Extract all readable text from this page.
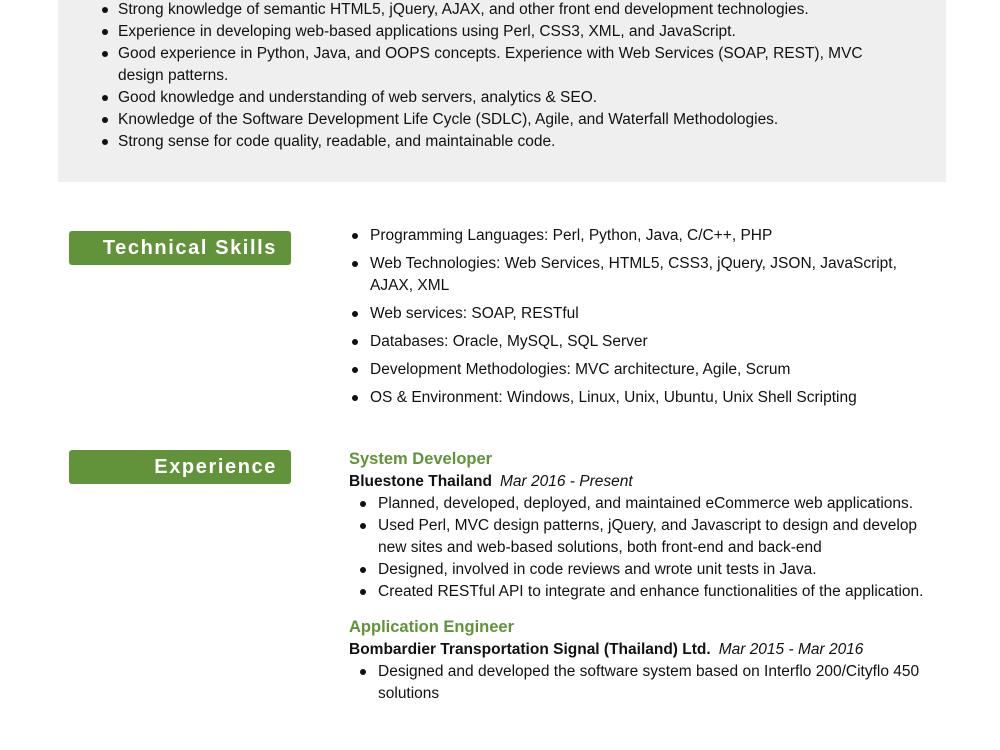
Strong knowledge of semantic HTML5, jQuery, AJAX, and other front end development technologies.
Experience in developing web-based applications using Perl, CSS3, XML, and JavaScript.
Good experience in Python, Java, and OOPS concepts. Experience with Web Services (SOAP, REST), MVC design patterns.
Good knowledge and understanding of web servers, analytics & SEO.
Knowledge of the Software Development Life Cycle (SDLC), Agile, and Waterfall Methodologies.
Strong sense for code quality, readable, and maintainable code.
Technical Skills
Programming Languages: Perl, Python, Java, C/C++, PHP
Web Technologies: Web Services, HTML5, CSS3, jQuery, JSON, JavaScript, AJAX, XML
Web services: SOAP, RESTful
Databases: Oracle, MySQL, SQL Server
Development Methodologies: MVC architecture, Agile, Scrum
OS & Environment: Windows, Linux, Unix, Ubuntu, Unix Shell Scripting
Experience	System Developer
Bluestone Thailand Mar 2016 - Present
Planned, developed, deployed, and maintained eCommerce web applications.
Used Perl, MVC design patterns, jQuery, and Javascript to design and develop new sites and web-based solutions, both front-end and back-end
Designed, involved in code reviews and wrote unit tests in Java.
Created RESTful API to integrate and enhance functionalities of the application.
Application Engineer
Bombardier Transportation Signal (Thailand) Ltd. Mar 2015 - Mar 2016
Designed and developed the software system based on Interflo 200/Cityflo 450 solutions
